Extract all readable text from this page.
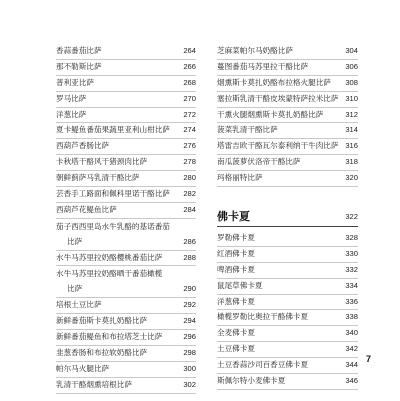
香蒜番茄比萨	264
那不勒斯比萨	266
普利亚比萨	268
罗马比萨	270
洋葱比萨	272
夏卡鳀鱼番茄果蔬里亚利山柑比萨 274
西葫芦香肠比萨	276
卡秋塔干酪风干猪颈肉比萨	278
朝鲜蓟萨马乳清干酪比萨	280
芸香手工路面和佩科里诺干酪比萨 282
西葫芦花鳀鱼比萨	284
茄子西西里岛水牛乳酪的基诺番茄
比萨	286
水牛马苏里拉奶酪樱桃番茄比萨	288
水牛马苏里拉奶酪晒干番茄橄榄
比萨	290
培根土豆比萨	292
新鲜番茄斯卡莫扎奶酪比萨	294
新鲜番茄鳀鱼和布拉塔芝士比萨	296
韭葱香肠和布拉软奶酪比萨	298
帕尔马火腿比萨	300
乳清干酪烟熏培根比萨	302
芝麻菜帕尔马奶酪比萨	304
蔓图番茄马苏里拉干酪比萨	306
烟熏斯卡莫扎奶酪布拉格火腿比萨 308
塞拉斯乳清干酪皮埃蒙特萨拉米比萨 310
干熏火腿烟熏斯卡莫扎奶酪比萨	312
菠菜乳清干酪比萨	314
塔雷吉欧干酪瓦尔泰利纳干牛肉比萨 316
南瓜菠萝伏洛帝干酪比萨	318
玛格丽特比萨	320
佛卡夏	322
罗勒佛卡夏	328
红酒佛卡夏	330
啤酒佛卡夏	332
鼠尾草佛卡夏	334
洋葱佛卡夏	336
橄榄罗勒比奥拉干酪佛卡夏	338
全麦佛卡夏	340
土豆佛卡夏	342
土豆香蒜沙司百香豆佛卡夏	344
斯佩尔特小麦佛卡夏	346
7
